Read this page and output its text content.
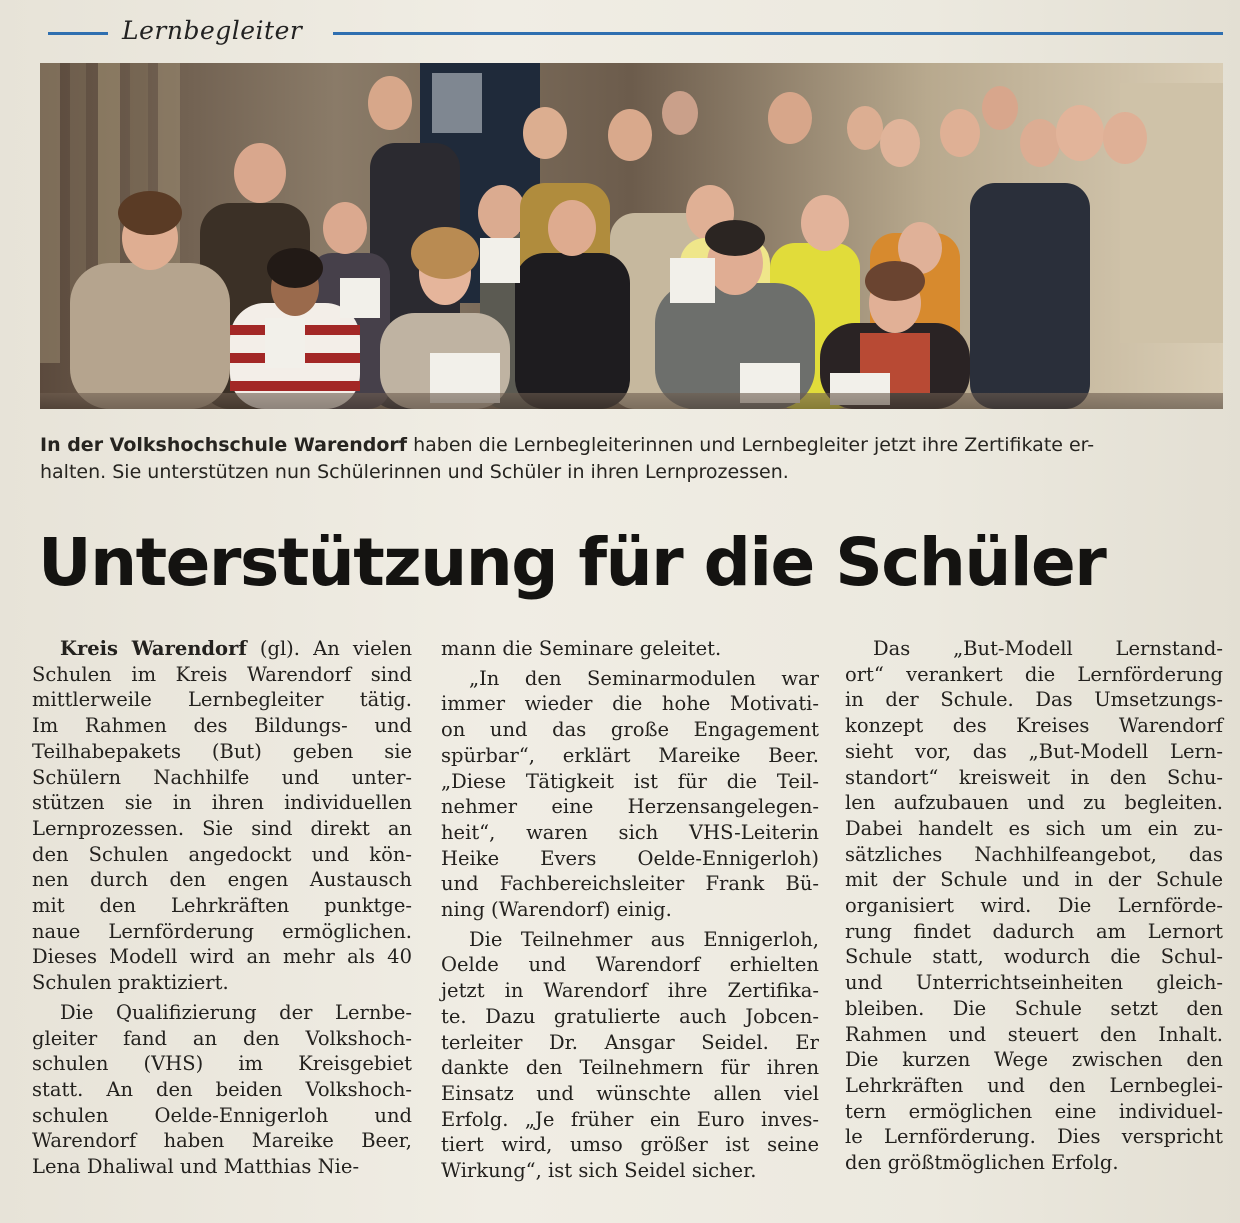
Lernbegleiter
In der Volkshochschule Warendorf haben die Lernbegleiterinnen und Lernbegleiter jetzt ihre Zertifikate er-
halten. Sie unterstützen nun Schülerinnen und Schüler in ihren Lernprozessen.
Unterstützung für die Schüler

Kreis Warendorf (gl). An vielen
Schulen im Kreis Warendorf sind
mittlerweile Lernbegleiter tätig.
Im Rahmen des Bildungs- und
Teilhabepakets (But) geben sie
Schülern Nachhilfe und unter-
stützen sie in ihren individuellen
Lernprozessen. Sie sind direkt an
den Schulen angedockt und kön-
nen durch den engen Austausch
mit den Lehrkräften punktge-
naue Lernförderung ermöglichen.
Dieses Modell wird an mehr als 40
Schulen praktiziert.

Die Qualifizierung der Lernbe-
gleiter fand an den Volkshoch-
schulen (VHS) im Kreisgebiet
statt. An den beiden Volkshoch-
schulen Oelde-Ennigerloh und
Warendorf haben Mareike Beer,
Lena Dhaliwal und Matthias Nie-

mann die Seminare geleitet.

„In den Seminarmodulen war
immer wieder die hohe Motivati-
on und das große Engagement
spürbar“, erklärt Mareike Beer.
„Diese Tätigkeit ist für die Teil-
nehmer eine Herzensangelegen-
heit“, waren sich VHS-Leiterin
Heike Evers Oelde-Ennigerloh)
und Fachbereichsleiter Frank Bü-
ning (Warendorf) einig.

Die Teilnehmer aus Ennigerloh,
Oelde und Warendorf erhielten
jetzt in Warendorf ihre Zertifika-
te. Dazu gratulierte auch Jobcen-
terleiter Dr. Ansgar Seidel. Er
dankte den Teilnehmern für ihren
Einsatz und wünschte allen viel
Erfolg. „Je früher ein Euro inves-
tiert wird, umso größer ist seine
Wirkung“, ist sich Seidel sicher.

Das „But-Modell Lernstand-
ort“ verankert die Lernförderung
in der Schule. Das Umsetzungs-
konzept des Kreises Warendorf
sieht vor, das „But-Modell Lern-
standort“ kreisweit in den Schu-
len aufzubauen und zu begleiten.
Dabei handelt es sich um ein zu-
sätzliches Nachhilfeangebot, das
mit der Schule und in der Schule
organisiert wird. Die Lernförde-
rung findet dadurch am Lernort
Schule statt, wodurch die Schul-
und Unterrichtseinheiten gleich-
bleiben. Die Schule setzt den
Rahmen und steuert den Inhalt.
Die kurzen Wege zwischen den
Lehrkräften und den Lernbeglei-
tern ermöglichen eine individuel-
le Lernförderung. Dies verspricht
den größtmöglichen Erfolg.
